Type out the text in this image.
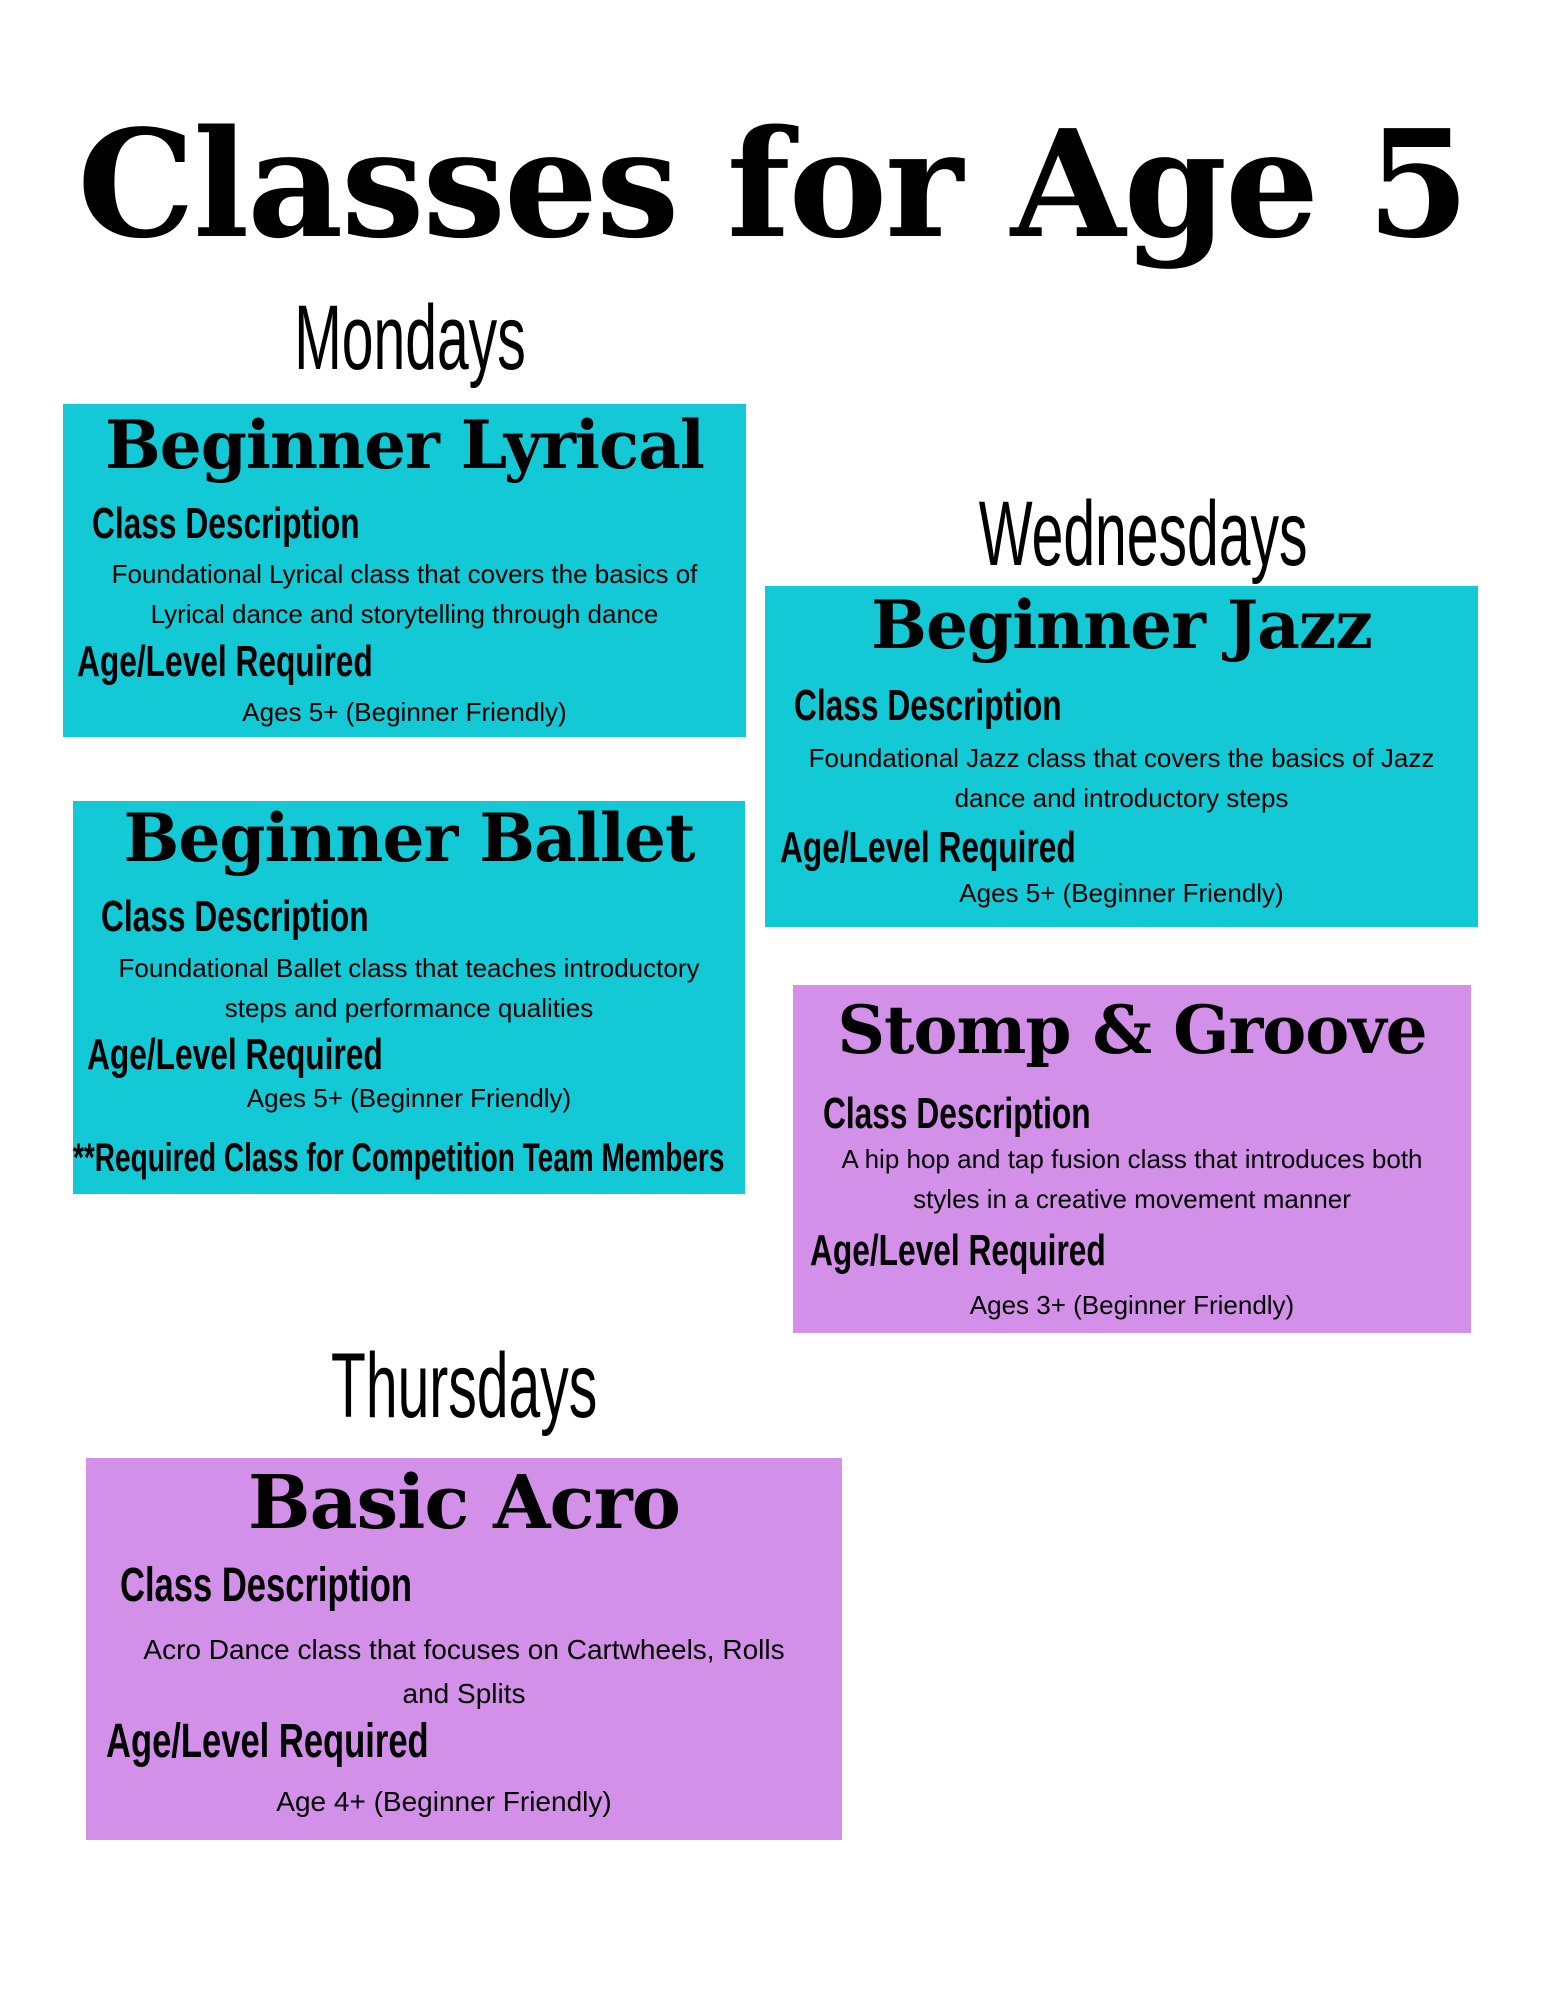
Classes for Age 5
Mondays
Wednesdays
Thursdays
Beginner Lyrical
Class Description
Foundational Lyrical class that covers the basics of
Lyrical dance and storytelling through dance
Age/Level Required
Ages 5+ (Beginner Friendly)
Beginner Ballet
Class Description
Foundational Ballet class that teaches introductory
steps and performance qualities
Age/Level Required
Ages 5+ (Beginner Friendly)
**Required Class for Competition Team Members
Beginner Jazz
Class Description
Foundational Jazz class that covers the basics of Jazz
dance and introductory steps
Age/Level Required
Ages 5+ (Beginner Friendly)
Stomp & Groove
Class Description
A hip hop and tap fusion class that introduces both
styles in a creative movement manner
Age/Level Required
Ages 3+ (Beginner Friendly)
Basic Acro
Class Description
Acro Dance class that focuses on Cartwheels, Rolls
and Splits
Age/Level Required
Age 4+ (Beginner Friendly)
